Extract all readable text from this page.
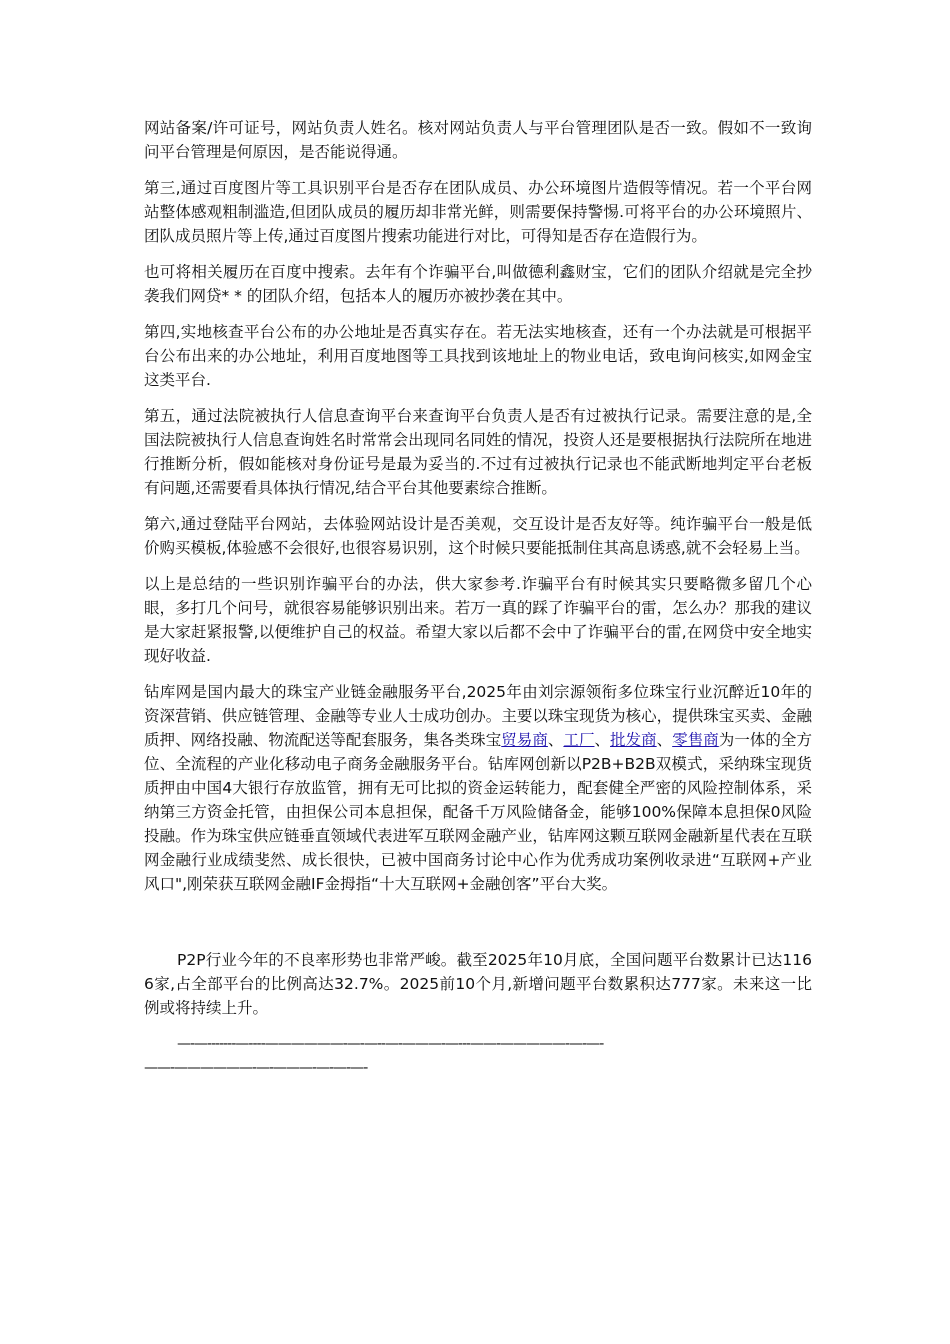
网站备案/许可证号，网站负责人姓名。核对网站负责人与平台管理团队是否一致。假如不一致询问平台管理是何原因，是否能说得通。

第三,通过百度图片等工具识别平台是否存在团队成员、办公环境图片造假等情况。若一个平台网站整体感观粗制滥造,但团队成员的履历却非常光鲜，则需要保持警惕.可将平台的办公环境照片、团队成员照片等上传,通过百度图片搜索功能进行对比，可得知是否存在造假行为。

也可将相关履历在百度中搜索。去年有个诈骗平台,叫做德利鑫财宝，它们的团队介绍就是完全抄袭我们网贷* * 的团队介绍，包括本人的履历亦被抄袭在其中。

第四,实地核查平台公布的办公地址是否真实存在。若无法实地核查，还有一个办法就是可根据平台公布出来的办公地址，利用百度地图等工具找到该地址上的物业电话，致电询问核实,如网金宝这类平台.

第五，通过法院被执行人信息查询平台来查询平台负责人是否有过被执行记录。需要注意的是,全国法院被执行人信息查询姓名时常常会出现同名同姓的情况，投资人还是要根据执行法院所在地进行推断分析，假如能核对身份证号是最为妥当的.不过有过被执行记录也不能武断地判定平台老板有问题,还需要看具体执行情况,结合平台其他要素综合推断。

第六,通过登陆平台网站，去体验网站设计是否美观，交互设计是否友好等。纯诈骗平台一般是低价购买模板,体验感不会很好,也很容易识别，这个时候只要能抵制住其高息诱惑,就不会轻易上当。

以上是总结的一些识别诈骗平台的办法，供大家参考.诈骗平台有时候其实只要略微多留几个心眼，多打几个问号，就很容易能够识别出来。若万一真的踩了诈骗平台的雷，怎么办？那我的建议是大家赶紧报警,以便维护自己的权益。希望大家以后都不会中了诈骗平台的雷,在网贷中安全地实现好收益.

钻库网是国内最大的珠宝产业链金融服务平台,2025年由刘宗源领衔多位珠宝行业沉醉近10年的资深营销、供应链管理、金融等专业人士成功创办。主要以珠宝现货为核心，提供珠宝买卖、金融质押、网络投融、物流配送等配套服务，集各类珠宝贸易商、工厂、批发商、零售商为一体的全方位、全流程的产业化移动电子商务金融服务平台。钻库网创新以P2B+B2B双模式，采纳珠宝现货质押由中国4大银行存放监管，拥有无可比拟的资金运转能力，配套健全严密的风险控制体系，采纳第三方资金托管，由担保公司本息担保，配备千万风险储备金，能够100%保障本息担保0风险投融。作为珠宝供应链垂直领域代表进军互联网金融产业，钻库网这颗互联网金融新星代表在互联网金融行业成绩斐然、成长很快，已被中国商务讨论中心作为优秀成功案例收录进“互联网+产业风口",刚荣获互联网金融IF金拇指“十大互联网+金融创客”平台大奖。

P2P行业今年的不良率形势也非常严峻。截至2025年10月底，全国问题平台数累计已达1166家,占全部平台的比例高达32.7%。2025前10个月,新增问题平台数累积达777家。未来这一比例或将持续上升。

—-—-------—----——————-—-—--—-———-—---——-—————-—-—-

——-——————-—-———-—-—-—-
